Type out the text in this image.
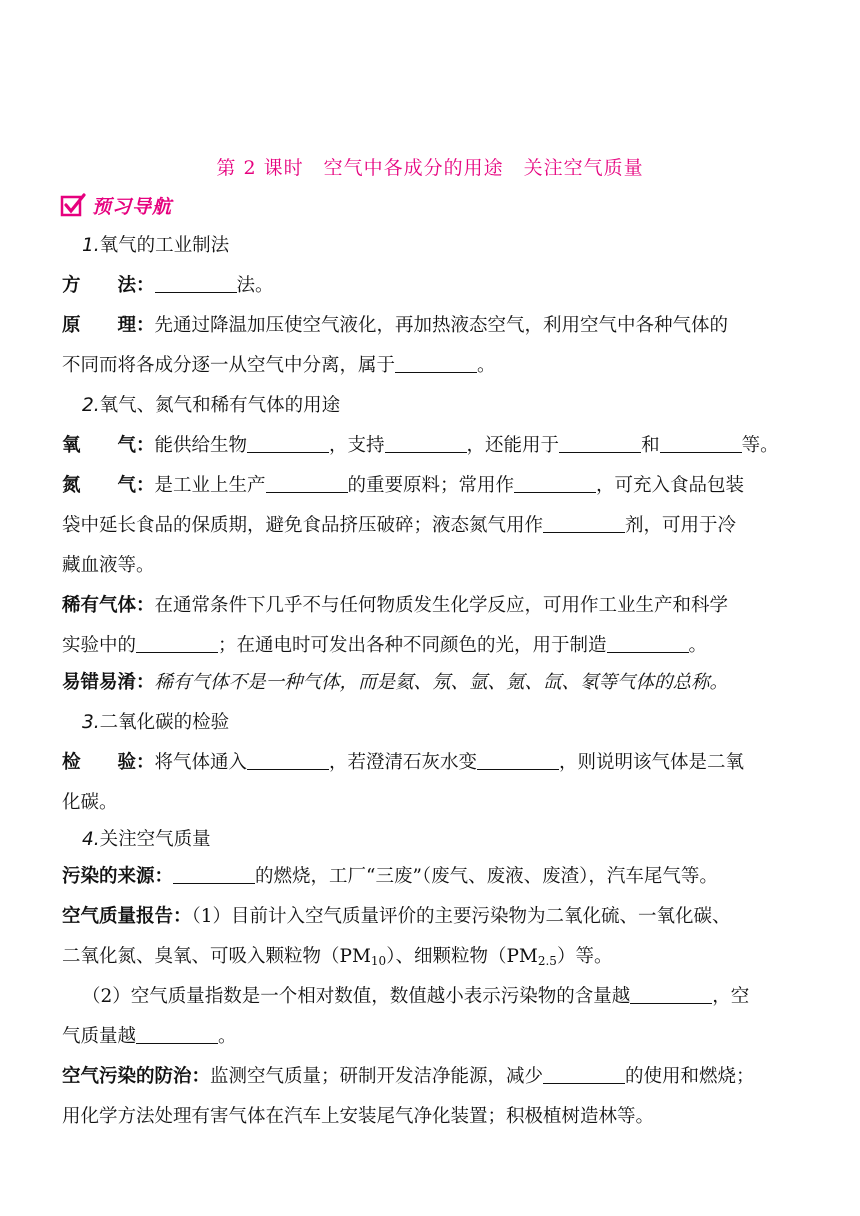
第 2 课时　空气中各成分的用途　关注空气质量
预习导航
1.氧气的工业制法
方　　法：	法。
原　　理：先通过降温加压使空气液化，再加热液态空气，利用空气中各种气体的
不同而将各成分逐一从空气中分离，属于	。
2.氧气、氮气和稀有气体的用途
氧　　气：能供给生物	，支持	，还能用于	和	等。
氮　　气：是工业上生产	的重要原料；常用作	，可充入食品包装
袋中延长食品的保质期，避免食品挤压破碎；液态氮气用作	剂，可用于冷
藏血液等。
稀有气体：在通常条件下几乎不与任何物质发生化学反应，可用作工业生产和科学
实验中的	；在通电时可发出各种不同颜色的光，用于制造	。
易错易淆：稀有气体不是一种气体，而是氦、氖、氩、氪、氙、氡等气体的总称。
3.二氧化碳的检验
检　　验：将气体通入	，若澄清石灰水变	，则说明该气体是二氧
化碳。
4.关注空气质量
污染的来源：	的燃烧，工厂“三废”（废气、废液、废渣），汽车尾气等。
空气质量报告：（1）目前计入空气质量评价的主要污染物为二氧化硫、一氧化碳、
二氧化氮、臭氧、可吸入颗粒物$(PM_{10})$、细颗粒物$(PM_{2.5})$等。
（2）空气质量指数是一个相对数值，数值越小表示污染物的含量越	，空
气质量越	。
空气污染的防治：监测空气质量；研制开发洁净能源，减少	的使用和燃烧；
用化学方法处理有害气体在汽车上安装尾气净化装置；积极植树造林等。
